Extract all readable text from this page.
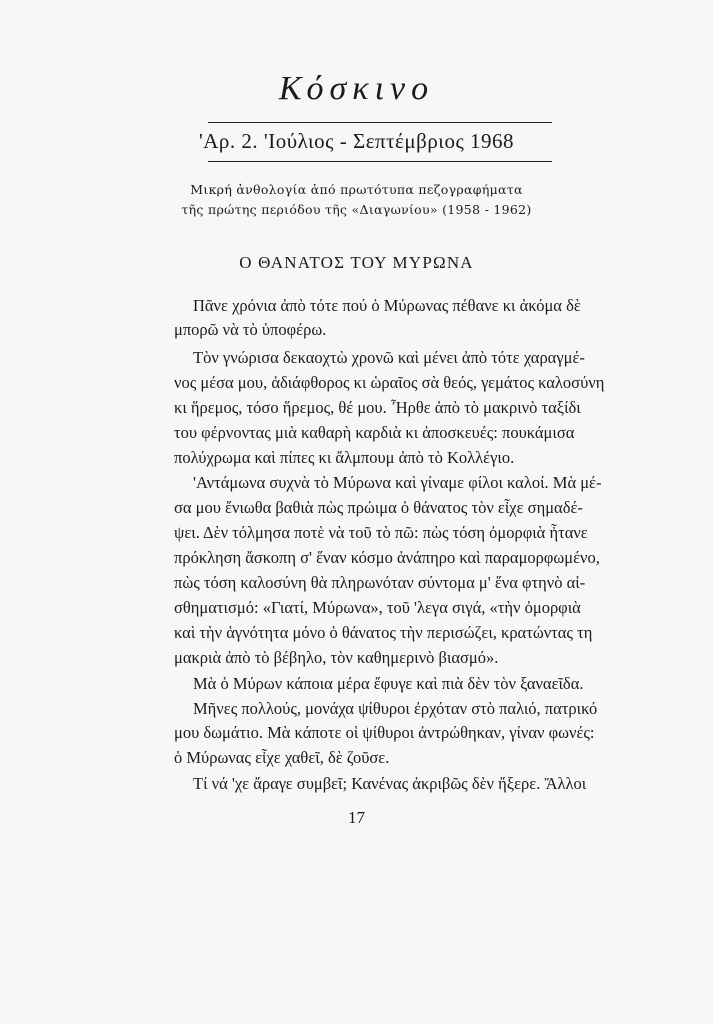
Κόσκινο
'Αρ. 2. 'Ιούλιος - Σεπτέμβριος 1968
Μικρή ἀνθολογία ἀπό πρωτότυπα πεζογραφήματα
τῆς πρώτης περιόδου τῆς «Διαγωνίου» (1958 - 1962)
Ο ΘΑΝΑΤΟΣ ΤΟΥ ΜΥΡΩΝΑ
Πᾶνε χρόνια ἀπὸ τότε πού ὁ Μύρωνας πέθανε κι ἀκόμα δὲ
μπορῶ νὰ τὸ ὑποφέρω.
Τὸν γνώρισα δεκαοχτὼ χρονῶ καὶ μένει ἀπὸ τότε χαραγμέ-
νος μέσα μου, ἀδιάφθορος κι ὡραῖος σὰ θεός, γεμάτος καλοσύνη
κι ἥρεμος, τόσο ἥρεμος, θέ μου. Ἦρθε ἀπὸ τὸ μακρινὸ ταξίδι
του φέρνοντας μιὰ καθαρὴ καρδιὰ κι ἀποσκευές: πουκάμισα
πολύχρωμα καὶ πίπες κι ἄλμπουμ ἀπὸ τὸ Κολλέγιο.
'Αντάμωνα συχνὰ τὸ Μύρωνα καὶ γίναμε φίλοι καλοί. Μὰ μέ-
σα μου ἔνιωθα βαθιὰ πὼς πρώιμα ὁ θάνατος τὸν εἶχε σημαδέ-
ψει. Δὲν τόλμησα ποτὲ νὰ τοῦ τὸ πῶ: πὼς τόση ὀμορφιὰ ἦτανε
πρόκληση ἄσκοπη σ' ἕναν κόσμο ἀνάπηρο καὶ παραμορφωμένο,
πὼς τόση καλοσύνη θὰ πληρωνόταν σύντομα μ' ἕνα φτηνὸ αἰ-
σθηματισμό: «Γιατί, Μύρωνα», τοῦ 'λεγα σιγά, «τὴν ὀμορφιὰ
καὶ τὴν ἁγνότητα μόνο ὁ θάνατος τὴν περισώζει, κρατώντας τη
μακριὰ ἀπὸ τὸ βέβηλο, τὸν καθημερινὸ βιασμό».
Μὰ ὁ Μύρων κάποια μέρα ἔφυγε καὶ πιὰ δὲν τὸν ξαναεῖδα.
Μῆνες πολλούς, μονάχα ψίθυροι ἐρχόταν στὸ παλιό, πατρικό
μου δωμάτιο. Μὰ κάποτε οἱ ψίθυροι ἀντρώθηκαν, γίναν φωνές:
ὁ Μύρωνας εἶχε χαθεῖ, δὲ ζοῦσε.
Τί νά 'χε ἄραγε συμβεῖ; Κανένας ἀκριβῶς δὲν ἤξερε. Ἄλλοι
17
